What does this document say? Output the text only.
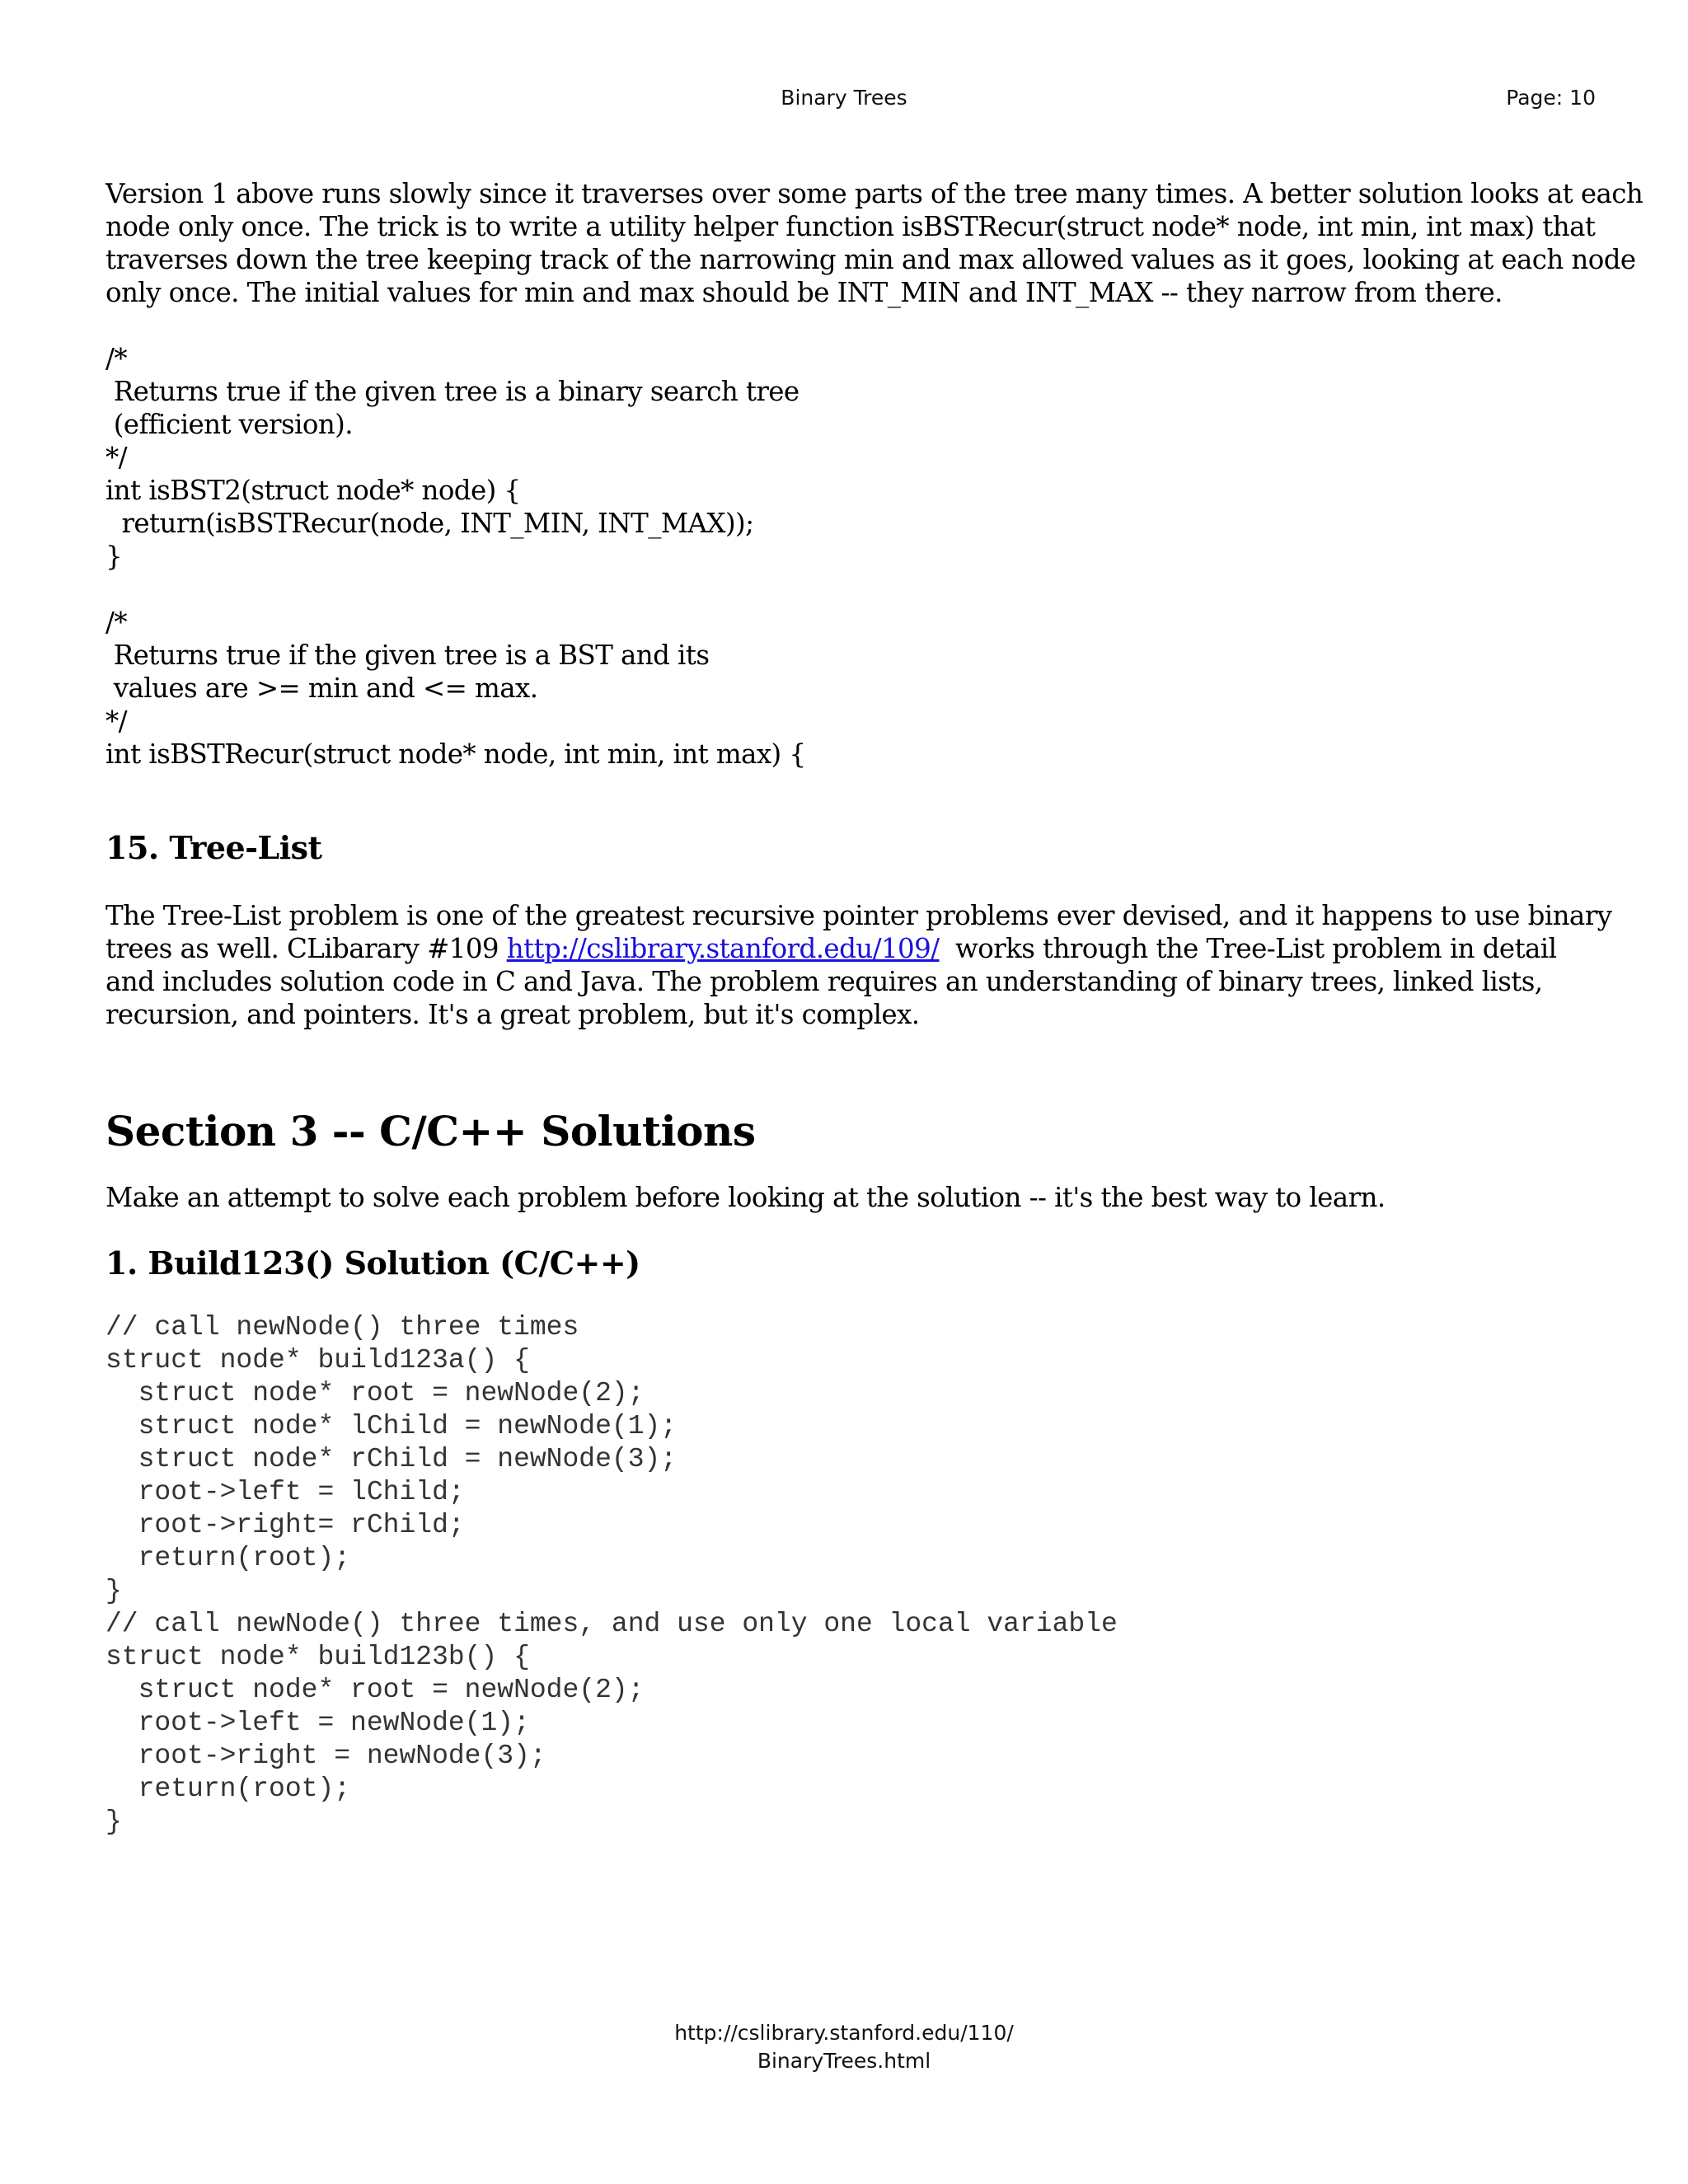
Binary Trees	Page: 10

Version 1 above runs slowly since it traverses over some parts of the tree many times. A better solution looks at each

node only once. The trick is to write a utility helper function isBSTRecur(struct node* node, int min, int max) that

traverses down the tree keeping track of the narrowing min and max allowed values as it goes, looking at each node

only once. The initial values for min and max should be INT_MIN and INT_MAX -- they narrow from there.

/*

Returns true if the given tree is a binary search tree

(efficient version).

*/

int isBST2(struct node* node) {

return(isBSTRecur(node, INT_MIN, INT_MAX));

}

/*

Returns true if the given tree is a BST and its

values are >= min and <= max.

*/

int isBSTRecur(struct node* node, int min, int max) {

15. Tree-List

The Tree-List problem is one of the greatest recursive pointer problems ever devised, and it happens to use binary

trees as well. CLibarary #109 http://cslibrary.stanford.edu/109/  works through the Tree-List problem in detail

and includes solution code in C and Java. The problem requires an understanding of binary trees, linked lists,

recursion, and pointers. It's a great problem, but it's complex.

Section 3 -- C/C++ Solutions

Make an attempt to solve each problem before looking at the solution -- it's the best way to learn.

1. Build123() Solution (C/C++)

// call newNode() three times

struct node* build123a() {

struct node* root = newNode(2);

struct node* lChild = newNode(1);

struct node* rChild = newNode(3);

root->left = lChild;

root->right= rChild;

return(root);

}

// call newNode() three times, and use only one local variable

struct node* build123b() {

struct node* root = newNode(2);

root->left = newNode(1);

root->right = newNode(3);

return(root);

}

http://cslibrary.stanford.edu/110/
BinaryTrees.html
